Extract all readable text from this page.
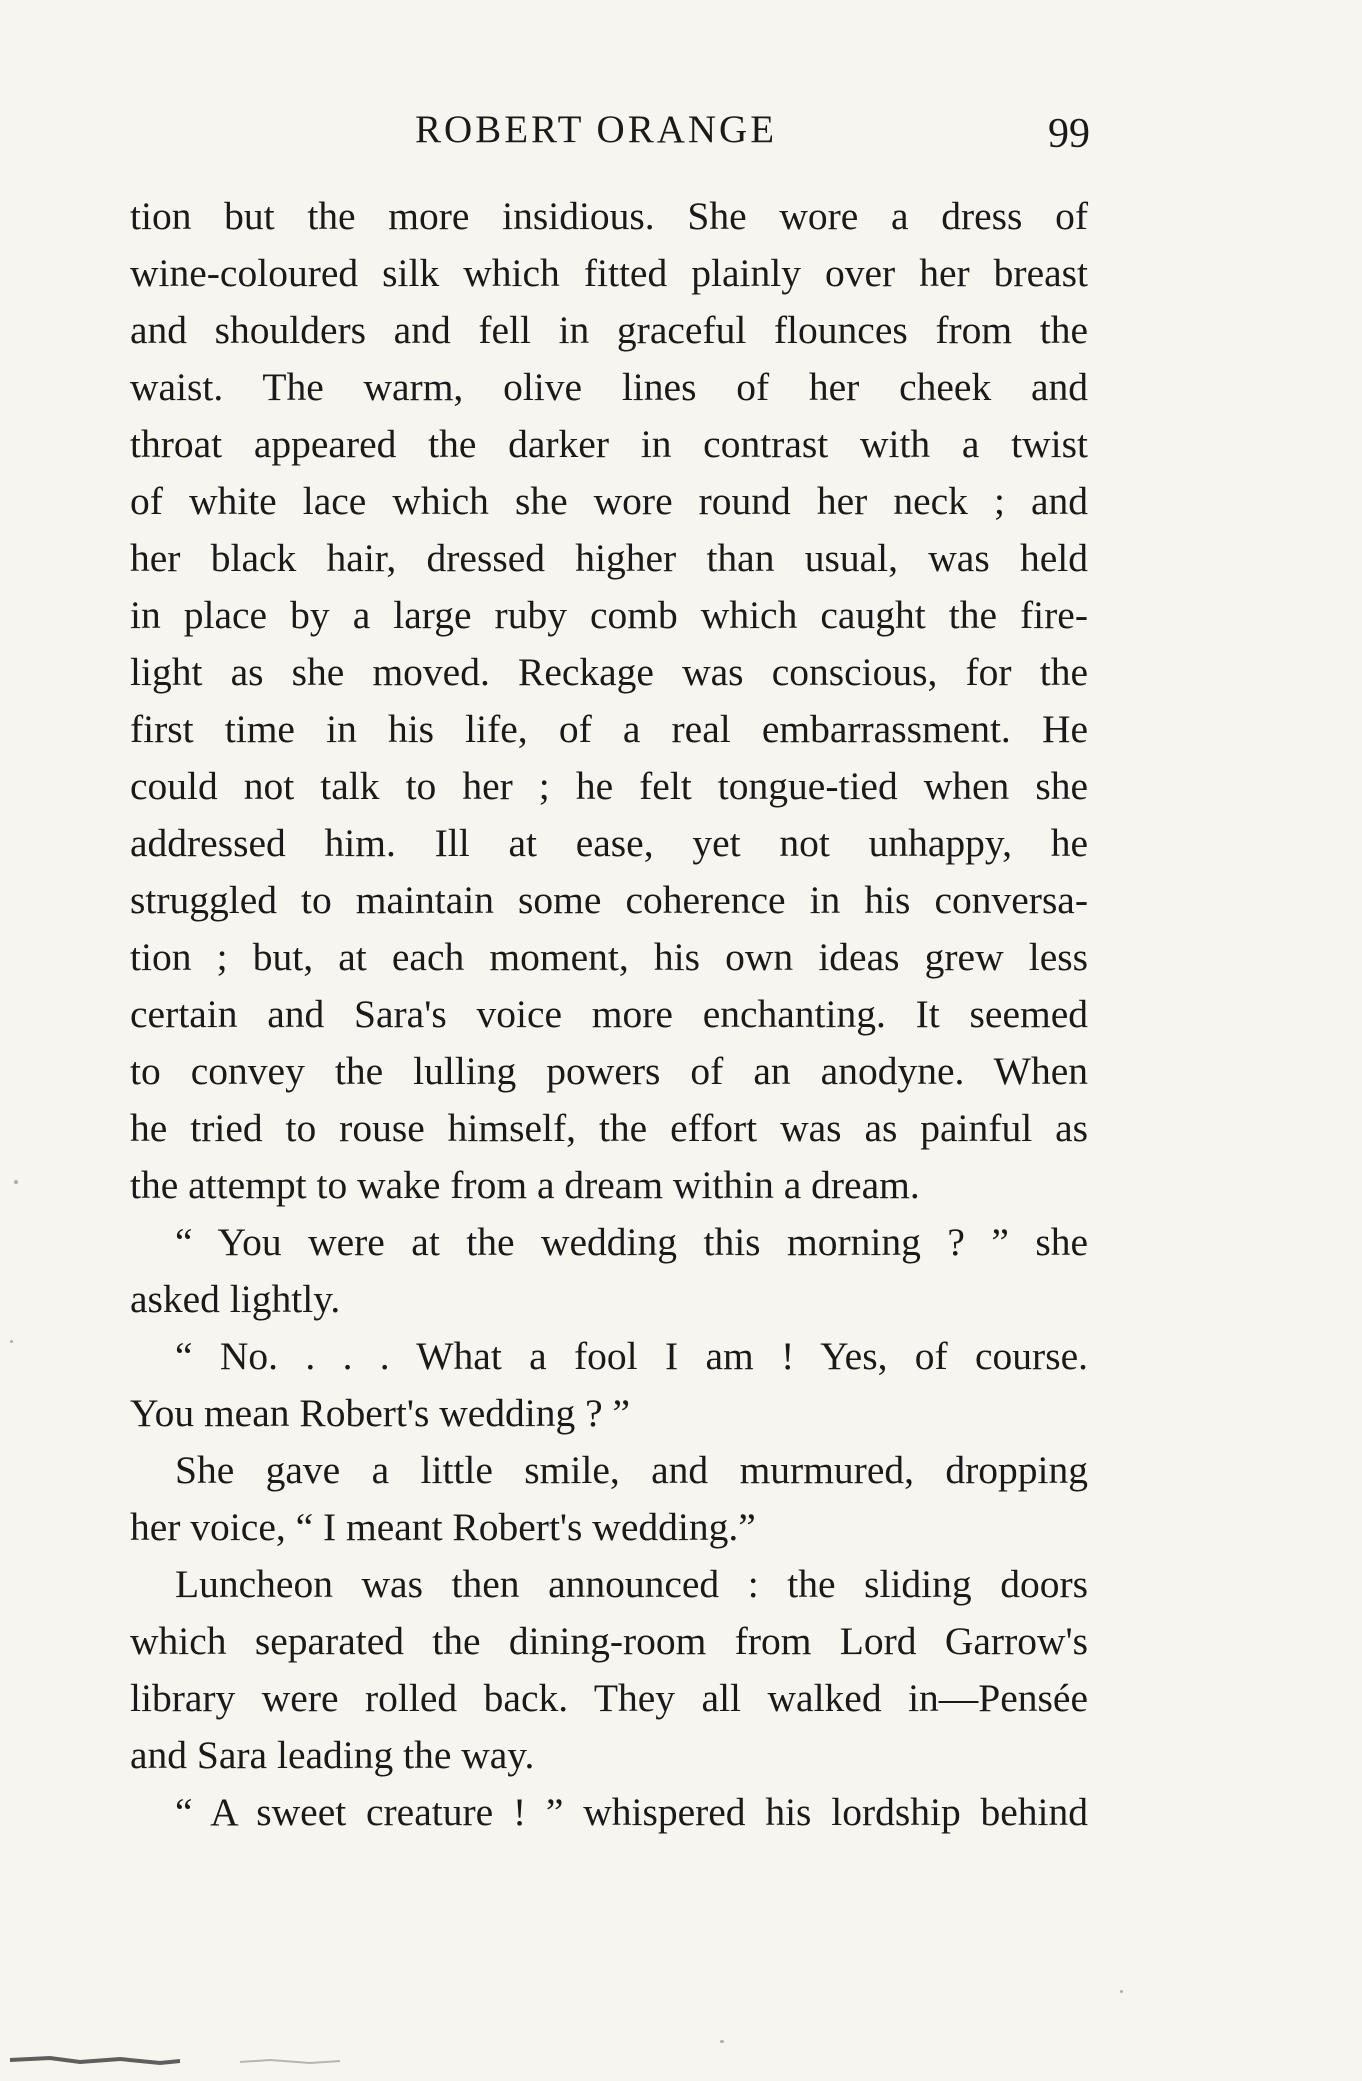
ROBERT ORANGE	99
tion but the more insidious. She wore a dress of
wine-coloured silk which fitted plainly over her breast
and shoulders and fell in graceful flounces from the
waist. The warm, olive lines of her cheek and
throat appeared the darker in contrast with a twist
of white lace which she wore round her neck ; and
her black hair, dressed higher than usual, was held
in place by a large ruby comb which caught the fire-
light as she moved. Reckage was conscious, for the
first time in his life, of a real embarrassment. He
could not talk to her ; he felt tongue-tied when she
addressed him. Ill at ease, yet not unhappy, he
struggled to maintain some coherence in his conversa-
tion ; but, at each moment, his own ideas grew less
certain and Sara's voice more enchanting. It seemed
to convey the lulling powers of an anodyne. When
he tried to rouse himself, the effort was as painful as
the attempt to wake from a dream within a dream.
“ You were at the wedding this morning ? ” she
asked lightly.
“ No. . . . What a fool I am ! Yes, of course.
You mean Robert's wedding ? ”
She gave a little smile, and murmured, dropping
her voice, “ I meant Robert's wedding.”
Luncheon was then announced : the sliding doors
which separated the dining-room from Lord Garrow's
library were rolled back. They all walked in—Pensée
and Sara leading the way.
“ A sweet creature ! ” whispered his lordship behind
